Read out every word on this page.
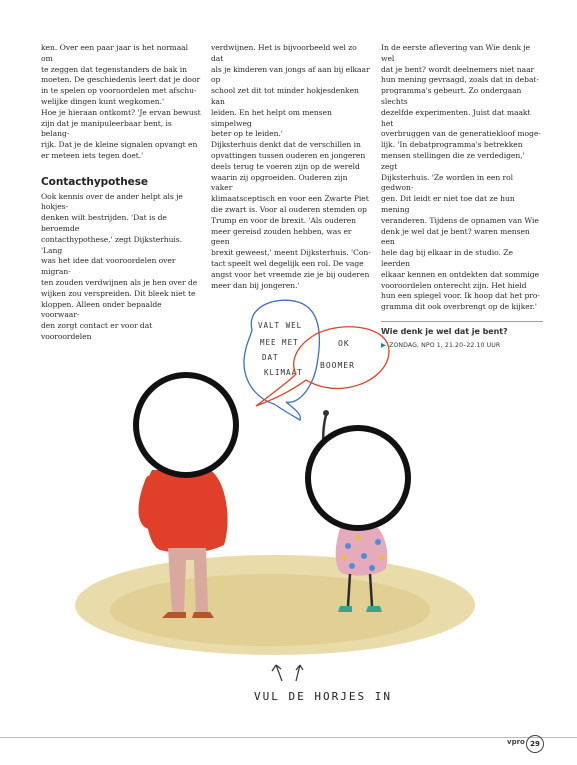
ken. Over een paar jaar is het normaal om
te zeggen dat tegenstanders de bak in
moeten. De geschiedenis leert dat je door
in te spelen op vooroordelen met afschu-
welijke dingen kunt wegkomen.'
Hoe je hieraan ontkomt? 'Je ervan bewust
zijn dat je manipuleerbaar bent, is belang-
rijk. Dat je de kleine signalen opvangt en
er meteen iets tegen doet.'

Contacthypothese

Ook kennis over de ander helpt als je hokjes-
denken wilt bestrijden. 'Dat is de beroemde
contacthypothese,' zegt Dijksterhuis. 'Lang
was het idee dat vooroordelen over migran-
ten zouden verdwijnen als je hen over de
wijken zou verspreiden. Dit bleek niet te
kloppen. Alleen onder bepaalde voorwaar-
den zorgt contact er voor dat vooroordelen

verdwijnen. Het is bijvoorbeeld wel zo dat
als je kinderen van jongs af aan bij elkaar op
school zet dit tot minder hokjesdenken kan
leiden. En het helpt om mensen simpelweg
beter op te leiden.'
Dijksterhuis denkt dat de verschillen in
opvattingen tussen ouderen en jongeren
deels terug te voeren zijn op de wereld
waarin zij opgroeiden. Ouderen zijn vaker
klimaatsceptisch en voor een Zwarte Piet
die zwart is. Voor al ouderen stemden op
Trump en voor de brexit. 'Als ouderen
meer gereisd zouden hebben, was er geen
brexit geweest,' meent Dijksterhuis. 'Con-
tact speelt wel degelijk een rol. De vage
angst voor het vreemde zie je bij ouderen
meer dan bij jongeren.'

In de eerste aflevering van Wie denk je wel
dat je bent? wordt deelnemers niet naar
hun mening gevraagd, zoals dat in debat-
programma's gebeurt. Zo ondergaan slechts
dezelfde experimenten. Juist dat maakt het
overbruggen van de generatiekloof moge-
lijk. 'In debatprogramma's betrekken
mensen stellingen die ze verdedigen,' zegt
Dijksterhuis. 'Ze worden in een rol gedwon-
gen. Dit leidt er niet toe dat ze hun mening
veranderen. Tijdens de opnamen van Wie
denk je wel dat je bent? waren mensen een
hele dag bij elkaar in de studio. Ze leerden
elkaar kennen en ontdekten dat sommige
vooroordelen onterecht zijn. Het hield
hun een spiegel voor. Ik hoop dat het pro-
gramma dit ook overbrengt op de kijker.'

Wie denk je wel dat je bent?
▶ ZONDAG, NPO 1, 21.20–22.10 UUR
VALT WEL
MEE MET
DAT
KLIMAAT
OK
BOOMER
VUL DE HORJES IN
vpro 29
